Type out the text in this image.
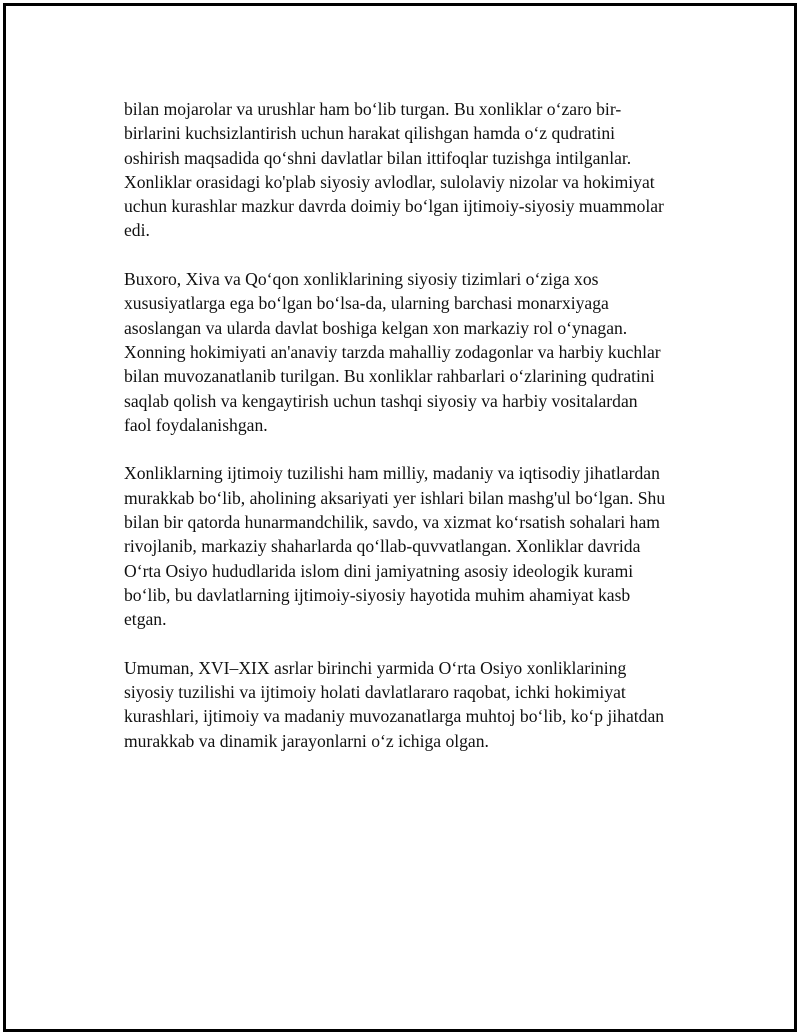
bilan mojarolar va urushlar ham bo‘lib turgan. Bu xonliklar o‘zaro bir-
birlarini kuchsizlantirish uchun harakat qilishgan hamda o‘z qudratini
oshirish maqsadida qo‘shni davlatlar bilan ittifoqlar tuzishga intilganlar.
Xonliklar orasidagi ko'plab siyosiy avlodlar, sulolaviy nizolar va hokimiyat
uchun kurashlar mazkur davrda doimiy bo‘lgan ijtimoiy-siyosiy muammolar
edi.

Buxoro, Xiva va Qo‘qon xonliklarining siyosiy tizimlari o‘ziga xos
xususiyatlarga ega bo‘lgan bo‘lsa-da, ularning barchasi monarxiyaga
asoslangan va ularda davlat boshiga kelgan xon markaziy rol o‘ynagan.
Xonning hokimiyati an'anaviy tarzda mahalliy zodagonlar va harbiy kuchlar
bilan muvozanatlanib turilgan. Bu xonliklar rahbarlari o‘zlarining qudratini
saqlab qolish va kengaytirish uchun tashqi siyosiy va harbiy vositalardan
faol foydalanishgan.

Xonliklarning ijtimoiy tuzilishi ham milliy, madaniy va iqtisodiy jihatlardan
murakkab bo‘lib, aholining aksariyati yer ishlari bilan mashg'ul bo‘lgan. Shu
bilan bir qatorda hunarmandchilik, savdo, va xizmat ko‘rsatish sohalari ham
rivojlanib, markaziy shaharlarda qo‘llab-quvvatlangan. Xonliklar davrida
O‘rta Osiyo hududlarida islom dini jamiyatning asosiy ideologik kurami
bo‘lib, bu davlatlarning ijtimoiy-siyosiy hayotida muhim ahamiyat kasb
etgan.

Umuman, XVI–XIX asrlar birinchi yarmida O‘rta Osiyo xonliklarining
siyosiy tuzilishi va ijtimoiy holati davlatlararo raqobat, ichki hokimiyat
kurashlari, ijtimoiy va madaniy muvozanatlarga muhtoj bo‘lib, ko‘p jihatdan
murakkab va dinamik jarayonlarni o‘z ichiga olgan.
